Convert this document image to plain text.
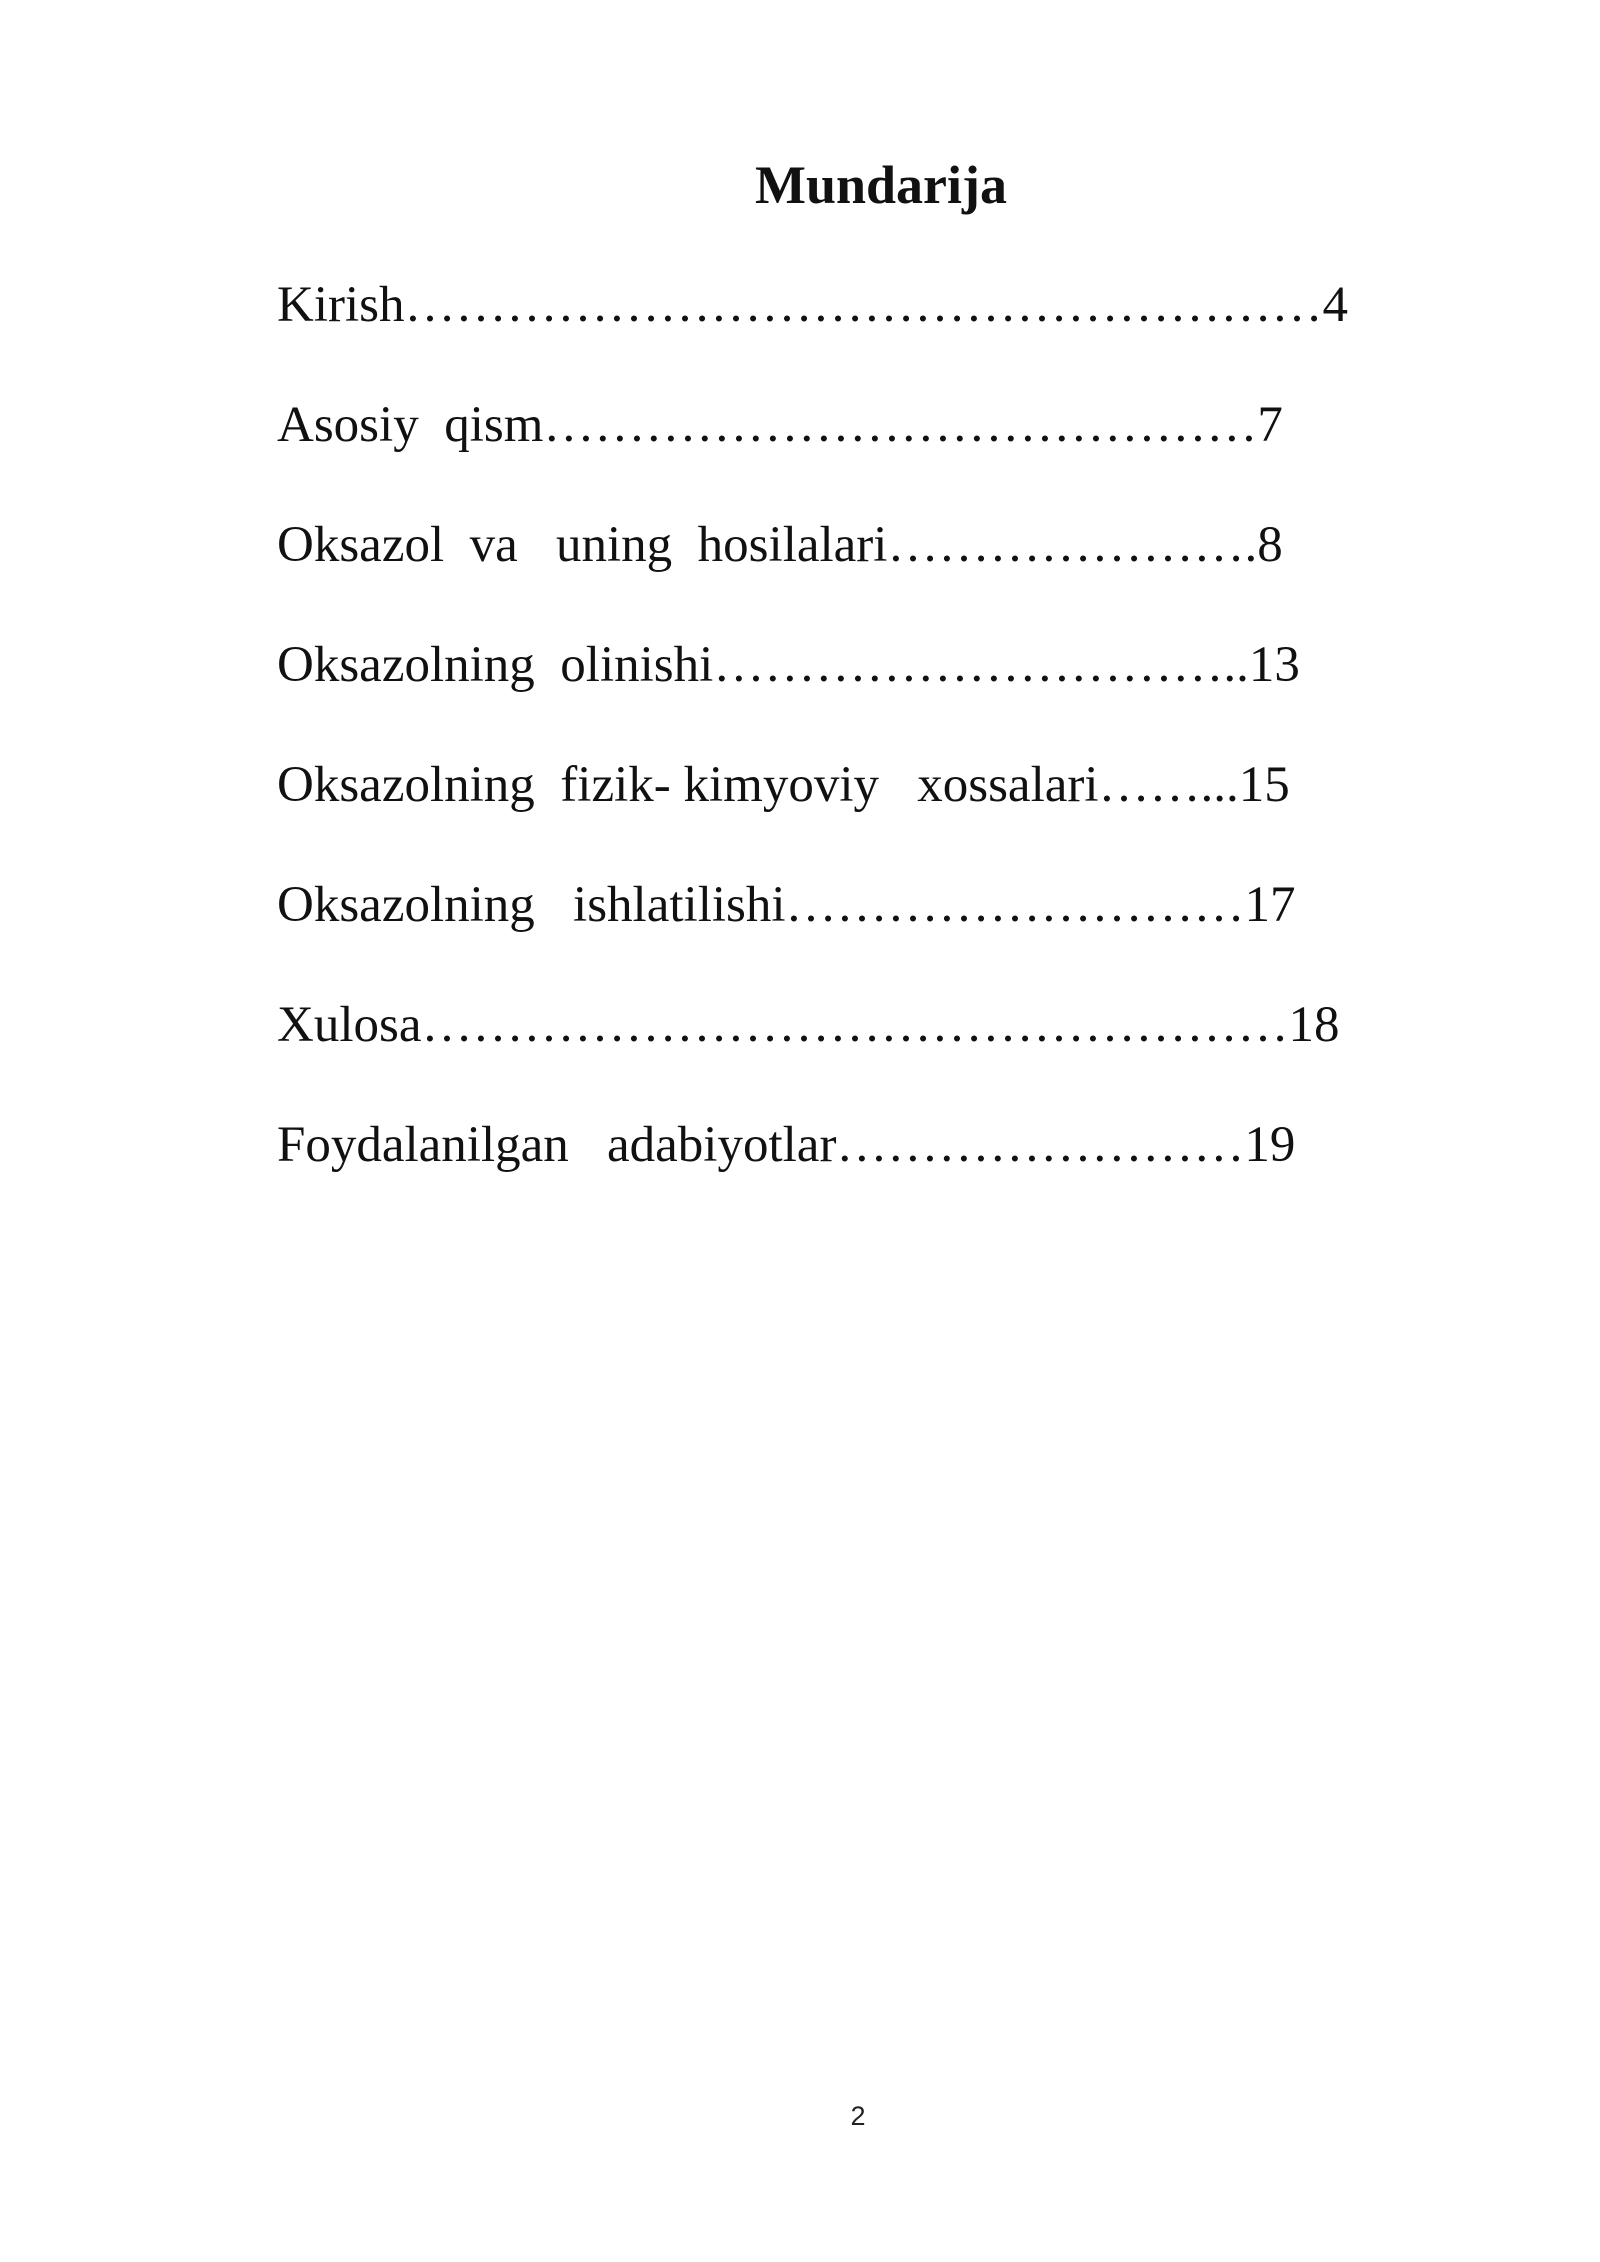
Mundarija
Kirish………………………………………………4
Asosiy  qism……………………………………7
Oksazol  va   uning  hosilalari………………….8
Oksazolning  olinishi…………………………..13
Oksazolning  fizik- kimyoviy   xossalari……...15
Oksazolning   ishlatilishi………………………17
Xulosa……………………………………………18
Foydalanilgan   adabiyotlar……………………19
2
